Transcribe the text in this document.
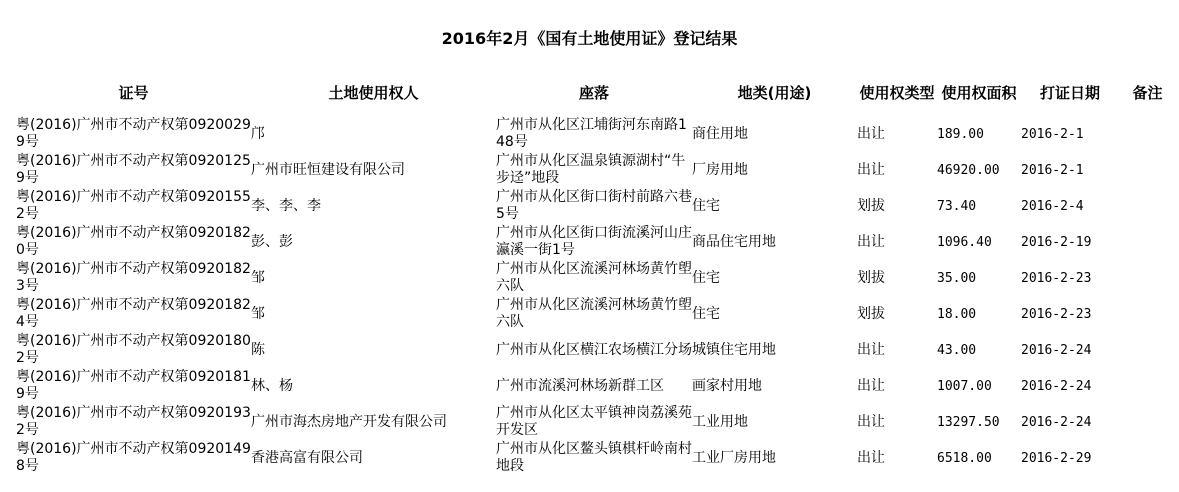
2016年2月《国有土地使用证》登记结果
证号	土地使用权人	座落	地类(用途)	使用权类型	使用权面积	打证日期	备注
粤(2016)广州市不动产权第09200299号	邝	广州市从化区江埔街河东南路148号	商住用地	出让	189.00	2016-2-1	
粤(2016)广州市不动产权第09201259号	广州市旺恒建设有限公司	广州市从化区温泉镇源湖村“牛步迳”地段	厂房用地	出让	46920.00	2016-2-1	
粤(2016)广州市不动产权第09201552号	李、李、李	广州市从化区街口街村前路六巷5号	住宅	划拔	73.40	2016-2-4	
粤(2016)广州市不动产权第09201820号	彭、彭	广州市从化区街口街流溪河山庄瀛溪一街1号	商品住宅用地	出让	1096.40	2016-2-19	
粤(2016)广州市不动产权第09201823号	邹	广州市从化区流溪河林场黄竹塱六队	住宅	划拔	35.00	2016-2-23	
粤(2016)广州市不动产权第09201824号	邹	广州市从化区流溪河林场黄竹塱六队	住宅	划拔	18.00	2016-2-23	
粤(2016)广州市不动产权第09201802号	陈	广州市从化区横江农场横江分场	城镇住宅用地	出让	43.00	2016-2-24	
粤(2016)广州市不动产权第09201819号	林、杨	广州市流溪河林场新群工区	画家村用地	出让	1007.00	2016-2-24	
粤(2016)广州市不动产权第09201932号	广州市海杰房地产开发有限公司	广州市从化区太平镇神岗荔溪苑开发区	工业用地	出让	13297.50	2016-2-24	
粤(2016)广州市不动产权第09201498号	香港高富有限公司	广州市从化区鳌头镇棋杆岭南村地段	工业厂房用地	出让	6518.00	2016-2-29	
